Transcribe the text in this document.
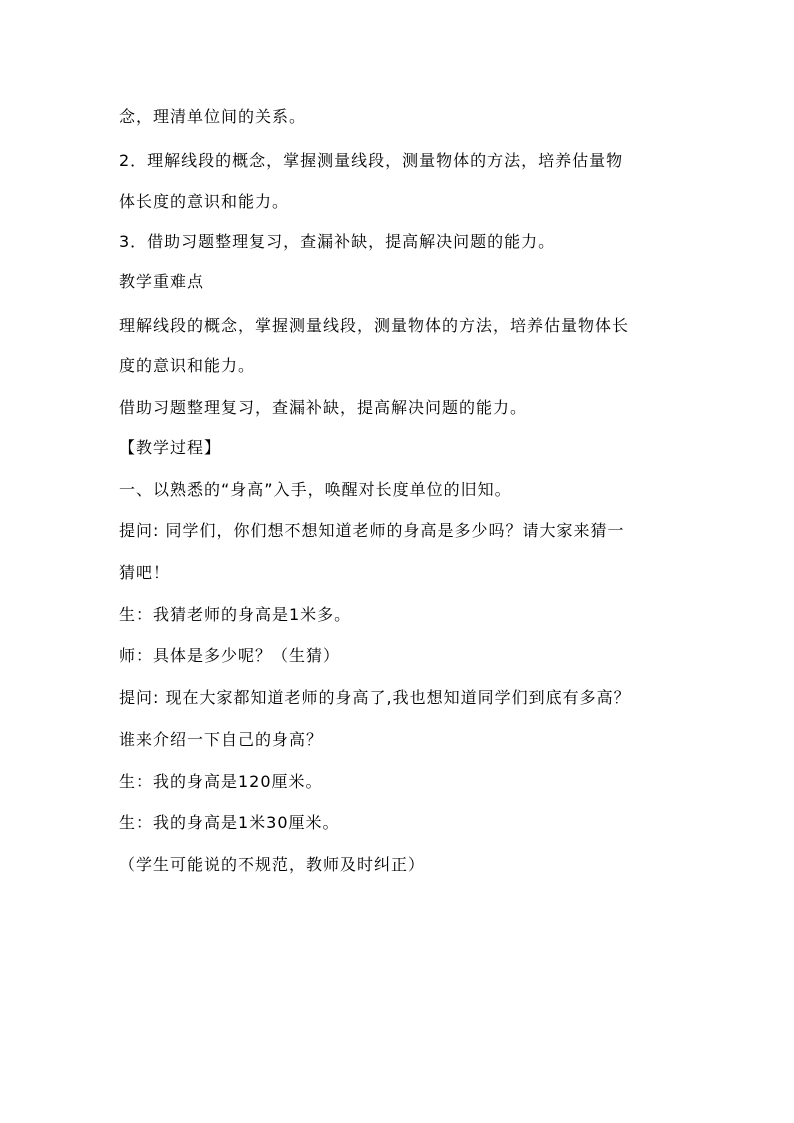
念，理清单位间的关系。

2．理解线段的概念，掌握测量线段，测量物体的方法，培养估量物

体长度的意识和能力。

3．借助习题整理复习，查漏补缺，提高解决问题的能力。

教学重难点

理解线段的概念，掌握测量线段，测量物体的方法，培养估量物体长

度的意识和能力。

借助习题整理复习，查漏补缺，提高解决问题的能力。

【教学过程】

一、以熟悉的“身高”入手，唤醒对长度单位的旧知。

提问: 同学们，你们想不想知道老师的身高是多少吗？请大家来猜一

猜吧！

生：我猜老师的身高是1米多。

师：具体是多少呢？（生猜）

提问: 现在大家都知道老师的身高了,我也想知道同学们到底有多高？

谁来介绍一下自己的身高？

生：我的身高是120厘米。

生：我的身高是1米30厘米。

（学生可能说的不规范，教师及时纠正）
